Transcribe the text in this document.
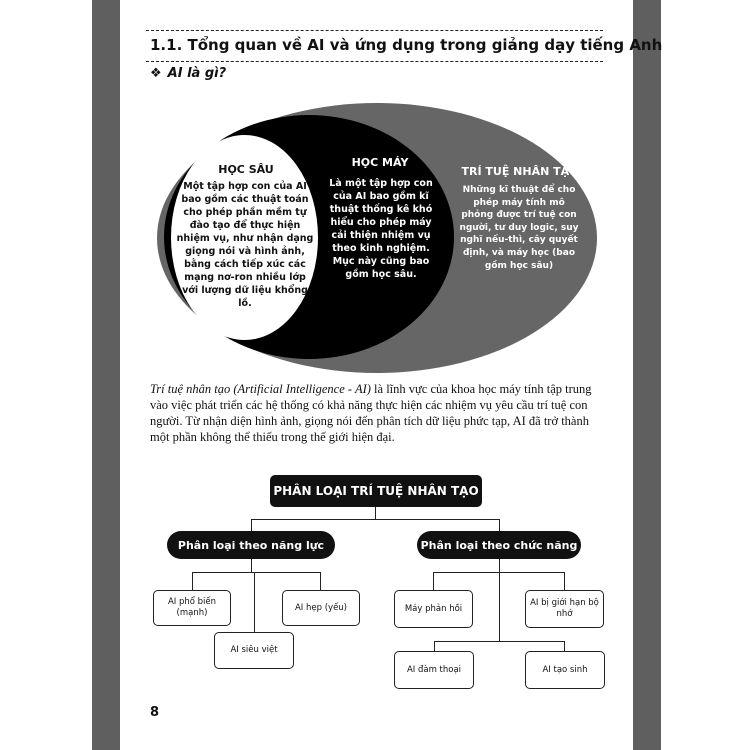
1.1. Tổng quan về AI và ứng dụng trong giảng dạy tiếng Anh
❖ AI là gì?
HỌC SÂU
Một tập hợp con của AI bao gồm các thuật toán cho phép phần mềm tự đào tạo để thực hiện nhiệm vụ, như nhận dạng giọng nói và hình ảnh, bằng cách tiếp xúc các mạng nơ-ron nhiều lớp với lượng dữ liệu khổng lồ.
HỌC MÁY
Là một tập hợp con của AI bao gồm kĩ thuật thống kê khó hiểu cho phép máy cải thiện nhiệm vụ theo kinh nghiệm. Mục này cũng bao gồm học sâu.
TRÍ TUỆ NHÂN TẠO
Những kĩ thuật để cho phép máy tính mô phỏng được trí tuệ con người, tư duy logic, suy nghĩ nếu-thì, cây quyết định, và máy học (bao gồm học sâu)
Trí tuệ nhân tạo (Artificial Intelligence - AI) là lĩnh vực của khoa học máy tính tập trung vào việc phát triển các hệ thống có khả năng thực hiện các nhiệm vụ yêu cầu trí tuệ con người. Từ nhận diện hình ảnh, giọng nói đến phân tích dữ liệu phức tạp, AI đã trở thành một phần không thể thiếu trong thế giới hiện đại.
PHÂN LOẠI TRÍ TUỆ NHÂN TẠO
Phân loại theo năng lực	Phân loại theo chức năng
AI phổ biến (mạnh)
AI hẹp (yếu)
AI siêu việt
Máy phản hồi
AI bị giới hạn bộ nhớ
AI đàm thoại	AI tạo sinh
8
